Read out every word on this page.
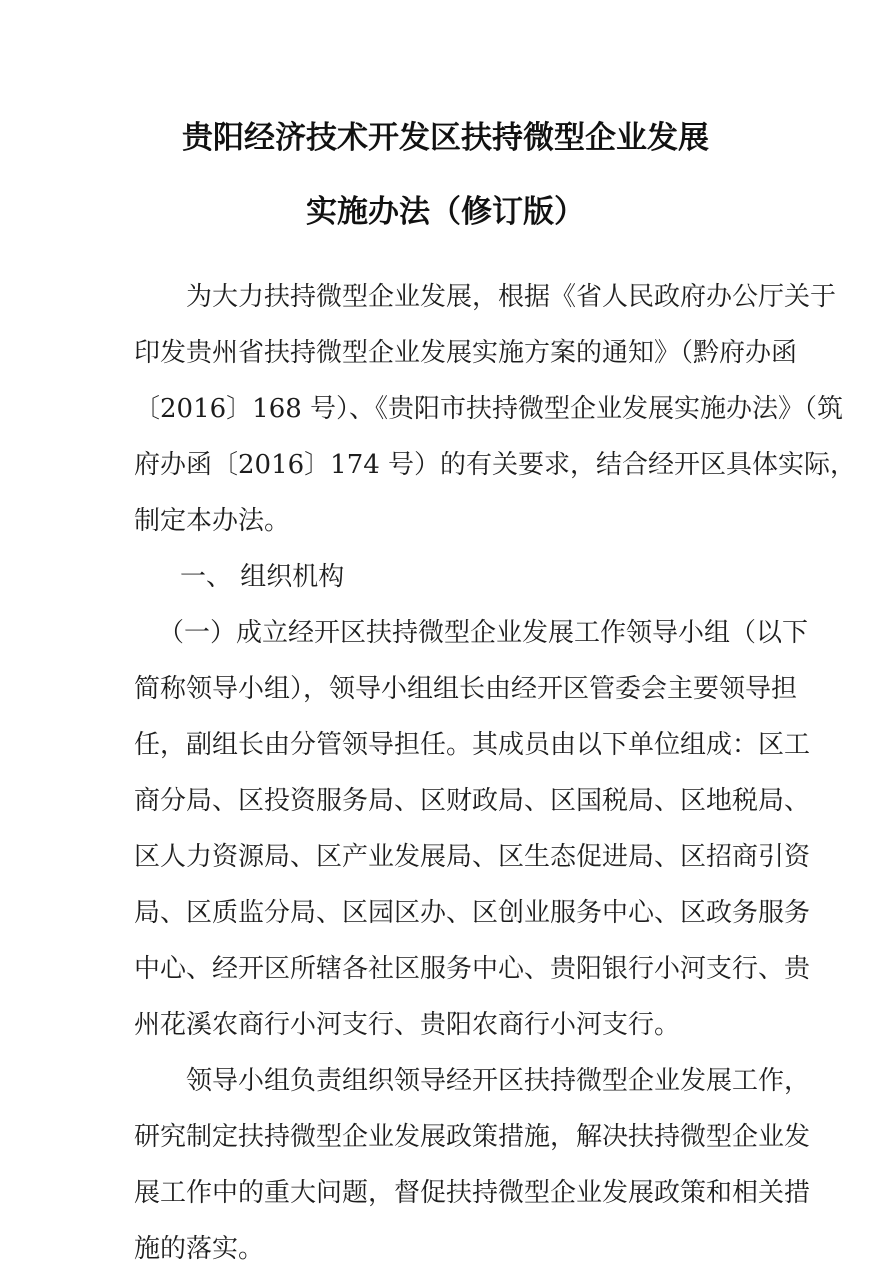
贵阳经济技术开发区扶持微型企业发展
实施办法（修订版）
为大力扶持微型企业发展，根据《省人民政府办公厅关于
印发贵州省扶持微型企业发展实施方案的通知》（黔府办函
〔2016〕168 号）、《贵阳市扶持微型企业发展实施办法》（筑
府办函〔2016〕174 号）的有关要求，结合经开区具体实际，
制定本办法。
一、 组织机构
（一）成立经开区扶持微型企业发展工作领导小组（以下
简称领导小组），领导小组组长由经开区管委会主要领导担
任，副组长由分管领导担任。其成员由以下单位组成：区工
商分局、区投资服务局、区财政局、区国税局、区地税局、
区人力资源局、区产业发展局、区生态促进局、区招商引资
局、区质监分局、区园区办、区创业服务中心、区政务服务
中心、经开区所辖各社区服务中心、贵阳银行小河支行、贵
州花溪农商行小河支行、贵阳农商行小河支行。
领导小组负责组织领导经开区扶持微型企业发展工作，
研究制定扶持微型企业发展政策措施，解决扶持微型企业发
展工作中的重大问题，督促扶持微型企业发展政策和相关措
施的落实。
